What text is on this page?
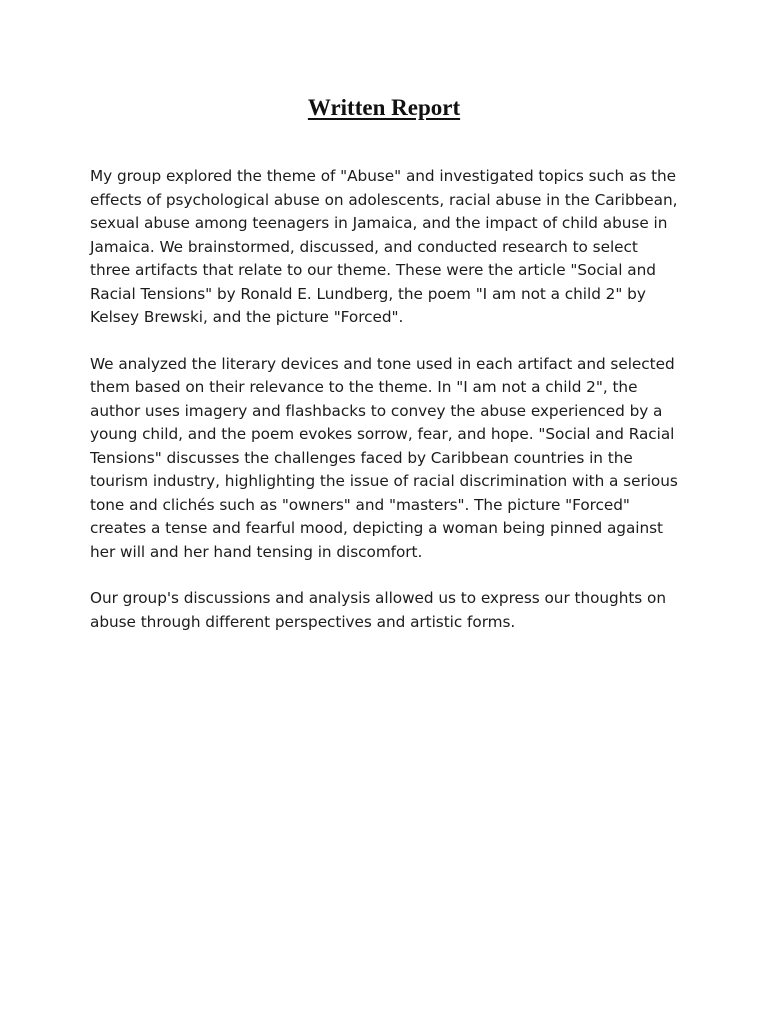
Written Report

My group explored the theme of "Abuse" and investigated topics such as the effects of psychological abuse on adolescents, racial abuse in the Caribbean, sexual abuse among teenagers in Jamaica, and the impact of child abuse in Jamaica. We brainstormed, discussed, and conducted research to select three artifacts that relate to our theme. These were the article "Social and Racial Tensions" by Ronald E. Lundberg, the poem "I am not a child 2" by Kelsey Brewski, and the picture "Forced".

We analyzed the literary devices and tone used in each artifact and selected them based on their relevance to the theme. In "I am not a child 2", the author uses imagery and flashbacks to convey the abuse experienced by a young child, and the poem evokes sorrow, fear, and hope. "Social and Racial Tensions" discusses the challenges faced by Caribbean countries in the tourism industry, highlighting the issue of racial discrimination with a serious tone and clichés such as "owners" and "masters". The picture "Forced" creates a tense and fearful mood, depicting a woman being pinned against her will and her hand tensing in discomfort.

Our group's discussions and analysis allowed us to express our thoughts on abuse through different perspectives and artistic forms.
